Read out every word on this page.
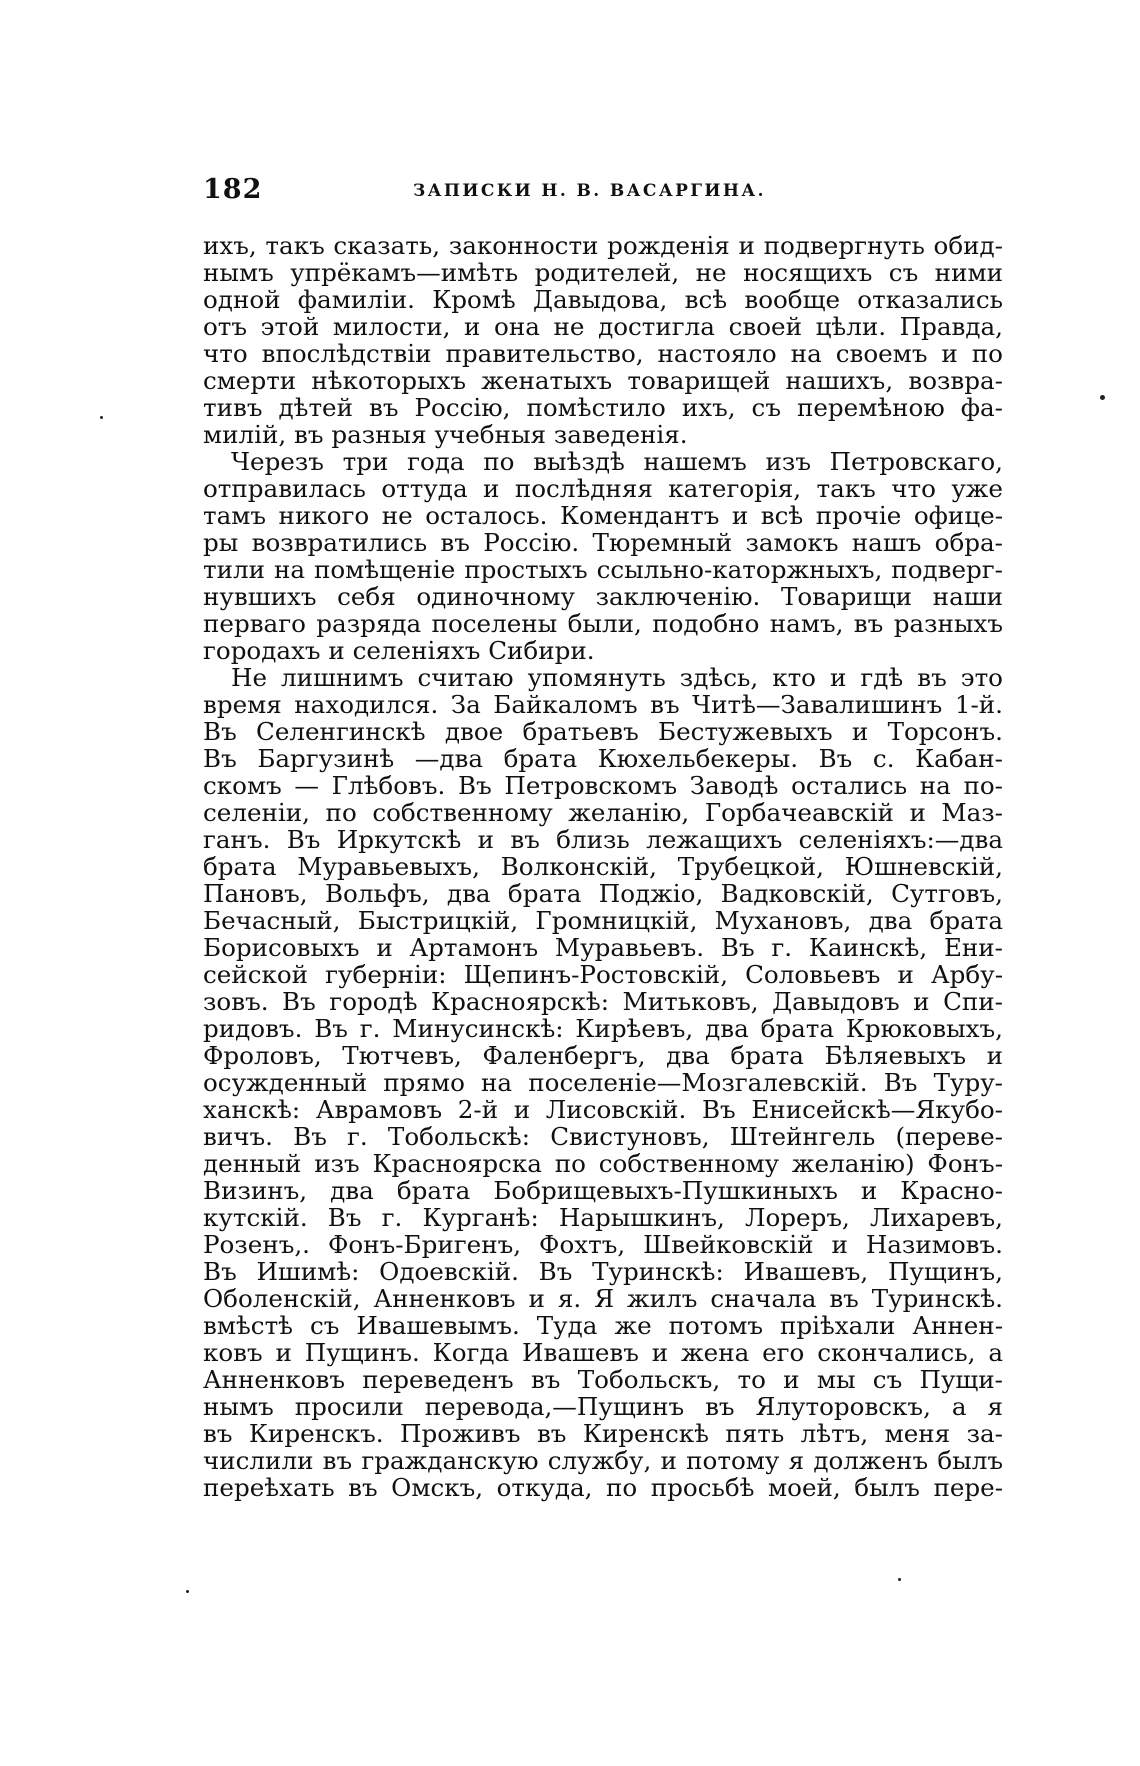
182	ЗАПИСКИ Н. В. ВАСАРГИНА.
ихъ, такъ сказать, законности рожденія и подвергнуть обид-
нымъ упрёкамъ—имѣть родителей, не носящихъ съ ними
одной фамиліи. Кромѣ Давыдова, всѣ вообще отказались
отъ этой милости, и она не достигла своей цѣли. Правда,
что впослѣдствіи правительство, настояло на своемъ и по
смерти нѣкоторыхъ женатыхъ товарищей нашихъ, возвра-
тивъ дѣтей въ Россію, помѣстило ихъ, съ перемѣною фа-
милій, въ разныя учебныя заведенія.
Черезъ три года по выѣздѣ нашемъ изъ Петровскаго,
отправилась оттуда и послѣдняя категорія, такъ что уже
тамъ никого не осталось. Комендантъ и всѣ прочіе офице-
ры возвратились въ Россію. Тюремный замокъ нашъ обра-
тили на помѣщеніе простыхъ ссыльно-каторжныхъ, подверг-
нувшихъ себя одиночному заключенію. Товарищи наши
перваго разряда поселены были, подобно намъ, въ разныхъ
городахъ и селеніяхъ Сибири.
Не лишнимъ считаю упомянуть здѣсь, кто и гдѣ въ это
время находился. За Байкаломъ въ Читѣ—Завалишинъ 1-й.
Въ Селенгинскѣ двое братьевъ Бестужевыхъ и Торсонъ.
Въ Баргузинѣ —два брата Кюхельбекеры. Въ с. Кабан-
скомъ — Глѣбовъ. Въ Петровскомъ Заводѣ остались на по-
селеніи, по собственному желанію, Горбачеавскій и Маз-
ганъ. Въ Иркутскѣ и въ близь лежащихъ селеніяхъ:—два
брата Муравьевыхъ, Волконскій, Трубецкой, Юшневскій,
Пановъ, Вольфъ, два брата Поджіо, Вадковскій, Сутговъ,
Бечасный, Быстрицкій, Громницкій, Мухановъ, два брата
Борисовыхъ и Артамонъ Муравьевъ. Въ г. Каинскѣ, Ени-
сейской губерніи: Щепинъ-Ростовскій, Соловьевъ и Арбу-
зовъ. Въ городѣ Красноярскѣ: Митьковъ, Давыдовъ и Спи-
ридовъ. Въ г. Минусинскѣ: Кирѣевъ, два брата Крюковыхъ,
Фроловъ, Тютчевъ, Фаленбергъ, два брата Бѣляевыхъ и
осужденный прямо на поселеніе—Мозгалевскій. Въ Туру-
ханскѣ: Аврамовъ 2-й и Лисовскій. Въ Енисейскѣ—Якубо-
вичъ. Въ г. Тобольскѣ: Свистуновъ, Штейнгель (переве-
денный изъ Красноярска по собственному желанію) Фонъ-
Визинъ, два брата Бобрищевыхъ-Пушкиныхъ и Красно-
кутскій. Въ г. Курганѣ: Нарышкинъ, Лореръ, Лихаревъ,
Розенъ,. Фонъ-Бригенъ, Фохтъ, Швейковскій и Назимовъ.
Въ Ишимѣ: Одоевскій. Въ Туринскѣ: Ивашевъ, Пущинъ,
Оболенскій, Анненковъ и я. Я жилъ сначала въ Туринскѣ.
вмѣстѣ съ Ивашевымъ. Туда же потомъ пріѣхали Аннен-
ковъ и Пущинъ. Когда Ивашевъ и жена его скончались, а
Анненковъ переведенъ въ Тобольскъ, то и мы съ Пущи-
нымъ просили перевода,—Пущинъ въ Ялуторовскъ, а я
въ Киренскъ. Проживъ въ Киренскѣ пять лѣтъ, меня за-
числили въ гражданскую службу, и потому я долженъ былъ
переѣхать въ Омскъ, откуда, по просьбѣ моей, былъ пере-
